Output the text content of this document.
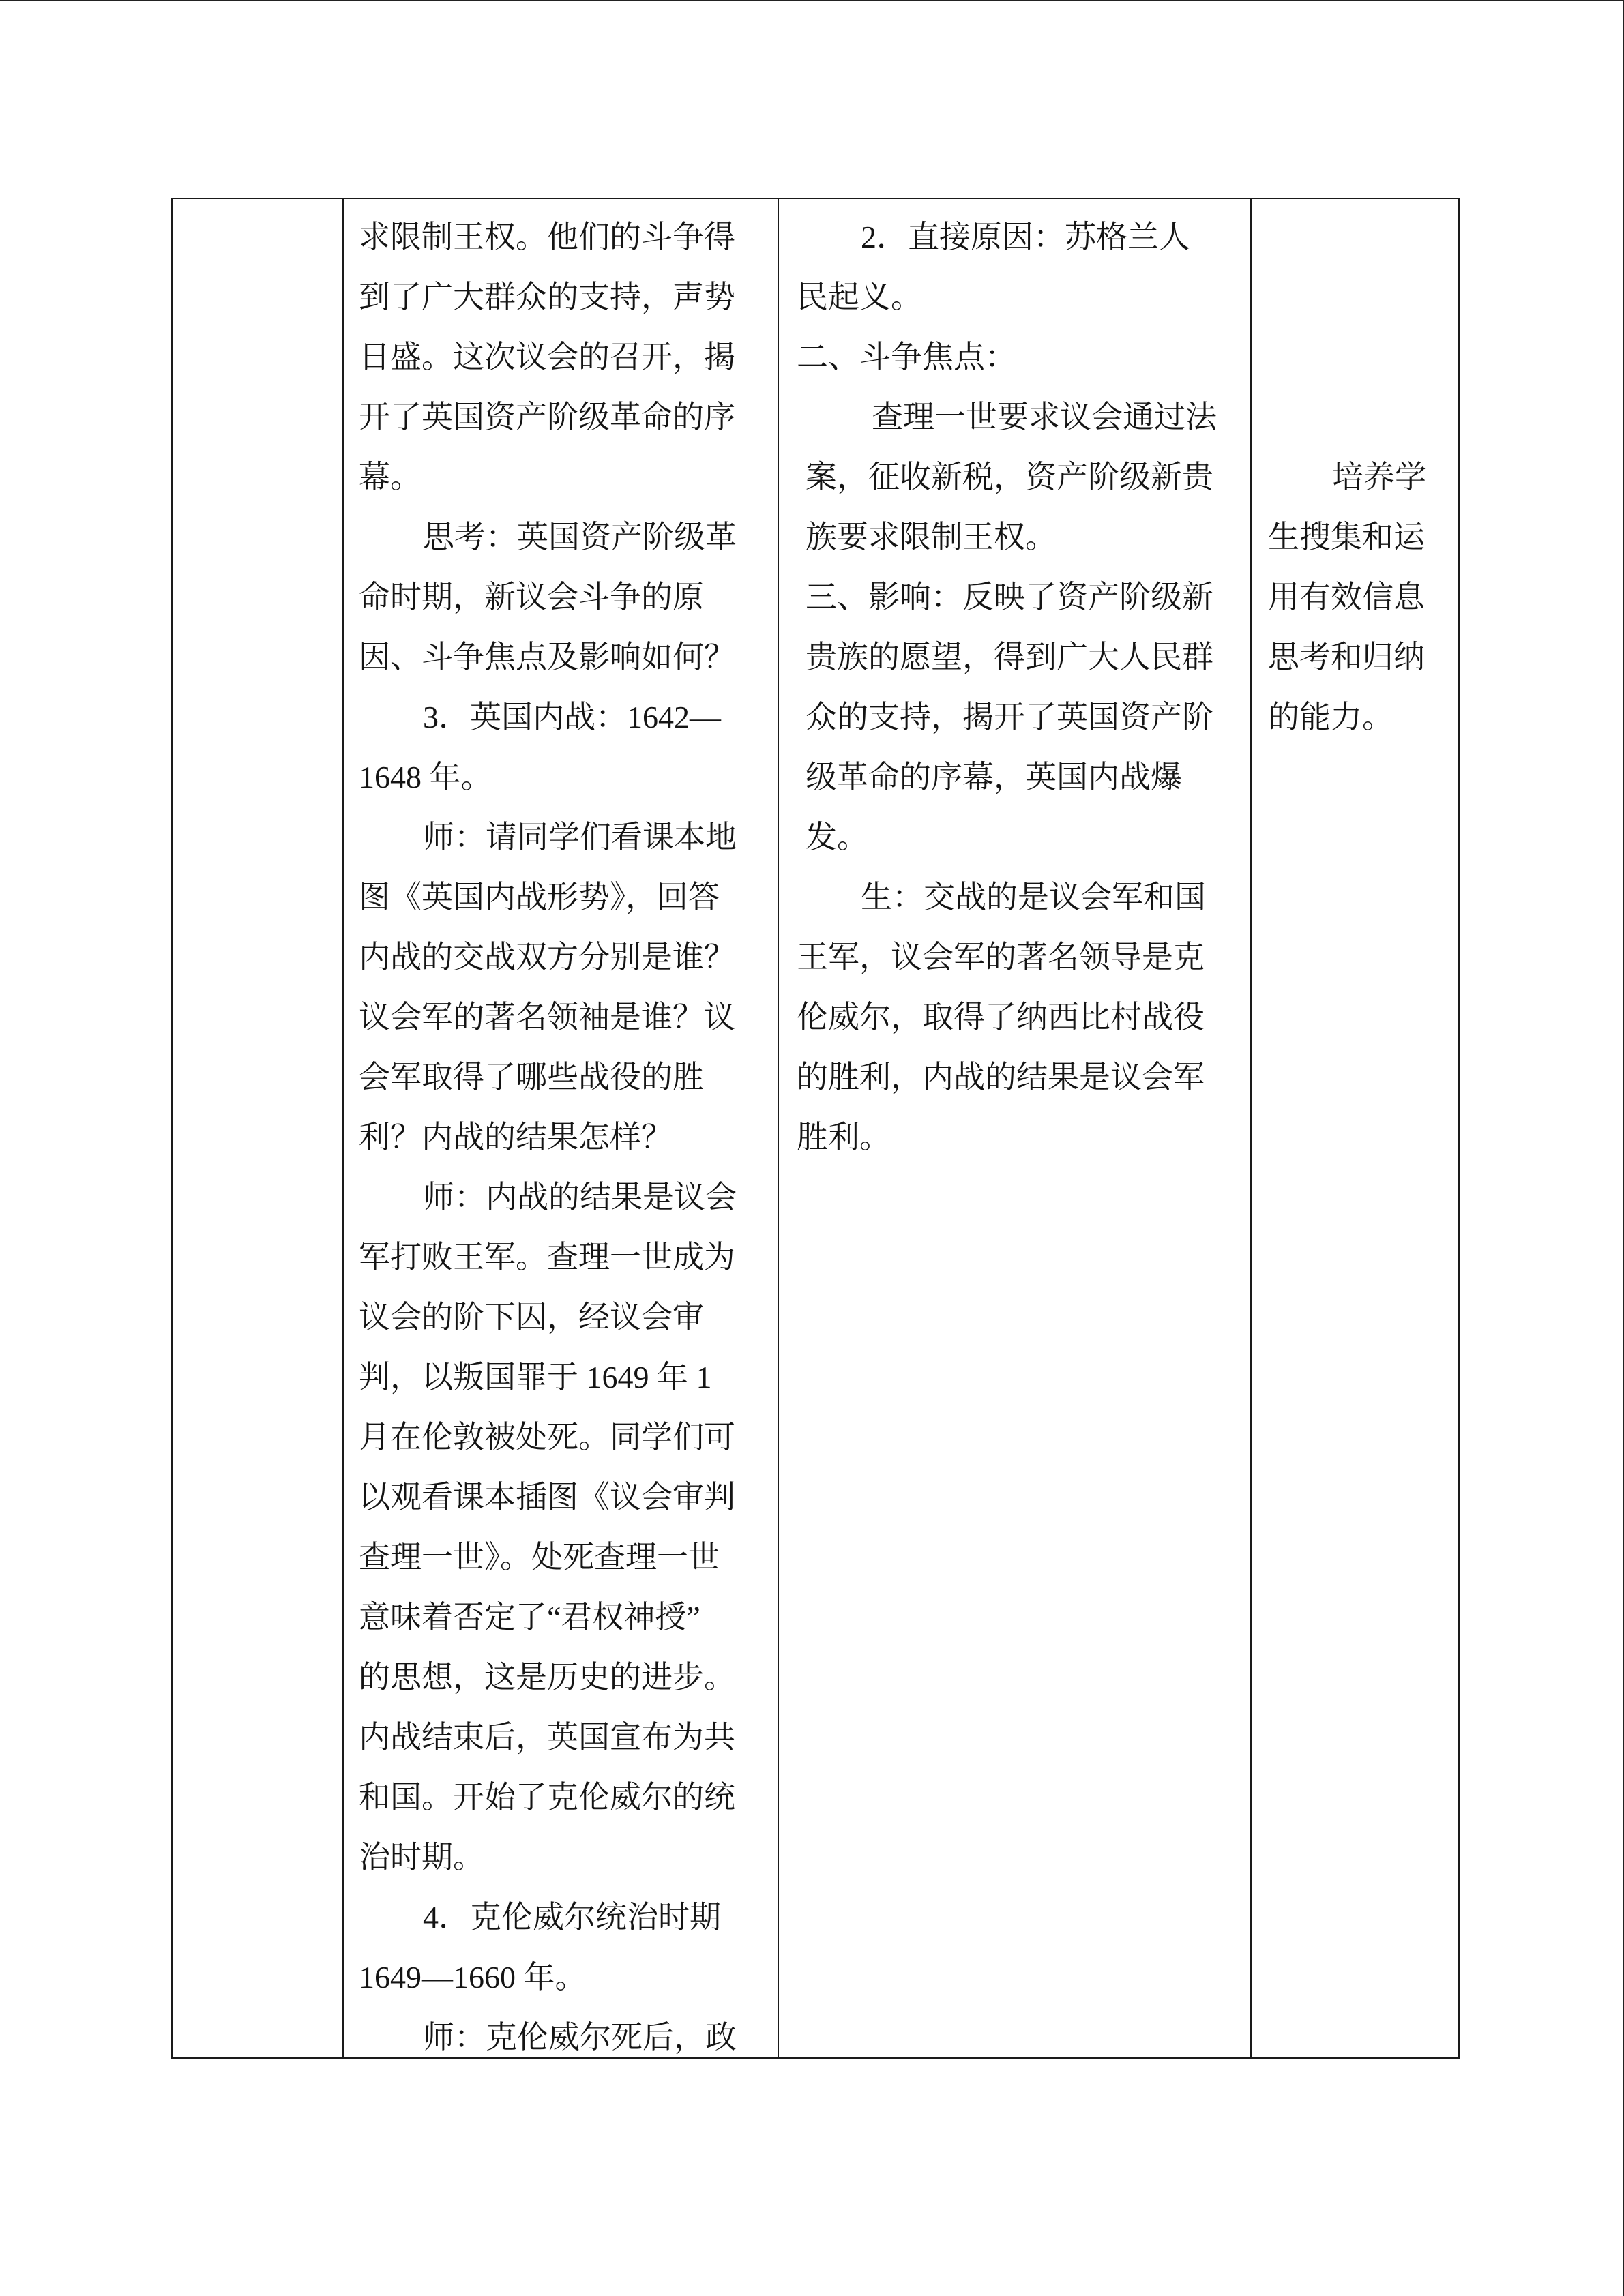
求限制王权。他们的斗争得
到了广大群众的支持，声势
日盛。这次议会的召开，揭
开了英国资产阶级革命的序
幕。
思考：英国资产阶级革
命时期，新议会斗争的原
因、斗争焦点及影响如何？
3．英国内战：1642—
1648 年。
师：请同学们看课本地
图《英国内战形势》，回答
内战的交战双方分别是谁？
议会军的著名领袖是谁？议
会军取得了哪些战役的胜
利？内战的结果怎样？
师：内战的结果是议会
军打败王军。查理一世成为
议会的阶下囚，经议会审
判，以叛国罪于 1649 年 1
月在伦敦被处死。同学们可
以观看课本插图《议会审判
查理一世》。处死查理一世
意味着否定了“君权神授”
的思想，这是历史的进步。
内战结束后，英国宣布为共
和国。开始了克伦威尔的统
治时期。
4．克伦威尔统治时期
1649—1660 年。
师：克伦威尔死后，政

2．直接原因：苏格兰人
民起义。
二、斗争焦点：
查理一世要求议会通过法
案，征收新税，资产阶级新贵
族要求限制王权。
三、影响：反映了资产阶级新
贵族的愿望，得到广大人民群
众的支持，揭开了英国资产阶
级革命的序幕，英国内战爆
发。
生：交战的是议会军和国
王军，议会军的著名领导是克
伦威尔，取得了纳西比村战役
的胜利，内战的结果是议会军
胜利。

培养学
生搜集和运
用有效信息
思考和归纳
的能力。
